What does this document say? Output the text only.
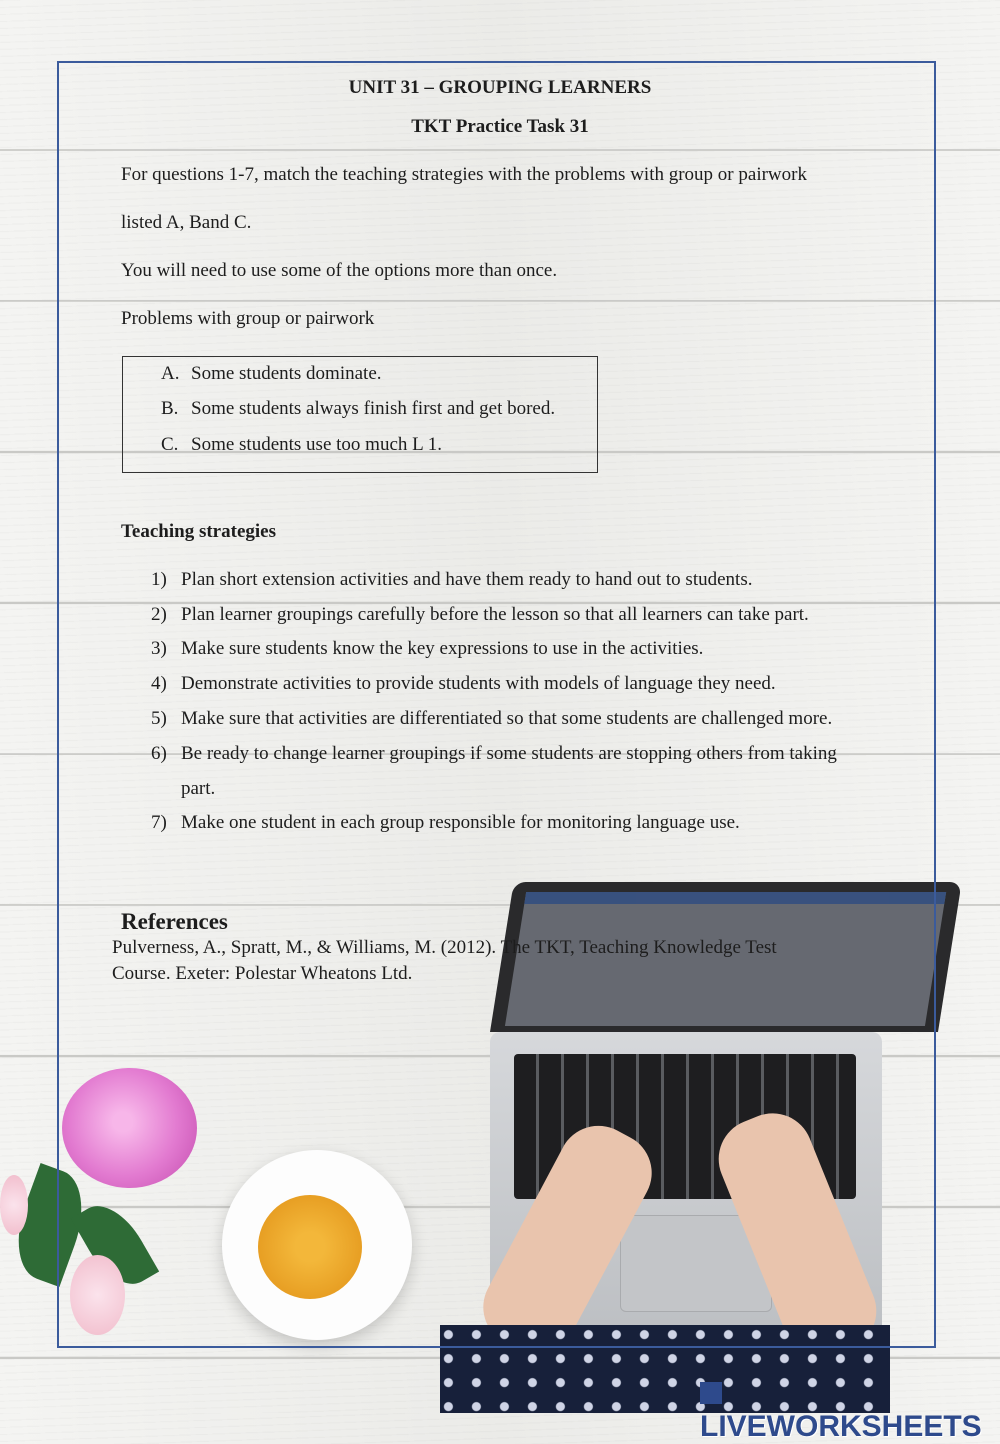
UNIT 31 – GROUPING LEARNERS
TKT Practice Task 31
For questions 1-7, match the teaching strategies with the problems with group or pairwork
listed A, Band C.
You will need to use some of the options more than once.
Problems with group or pairwork
A. Some students dominate.
B. Some students always finish first and get bored.
C. Some students use too much L 1.
Teaching strategies
1) Plan short extension activities and have them ready to hand out to students.
2) Plan learner groupings carefully before the lesson so that all learners can take part.
3) Make sure students know the key expressions to use in the activities.
4) Demonstrate activities to provide students with models of language they need.
5) Make sure that activities are differentiated so that some students are challenged more.
6) Be ready to change learner groupings if some students are stopping others from taking
part.
7) Make one student in each group responsible for monitoring language use.
References
Pulverness, A., Spratt, M., & Williams, M. (2012). The TKT, Teaching Knowledge Test
Course. Exeter: Polestar Wheatons Ltd.
LIVEWORKSHEETS
